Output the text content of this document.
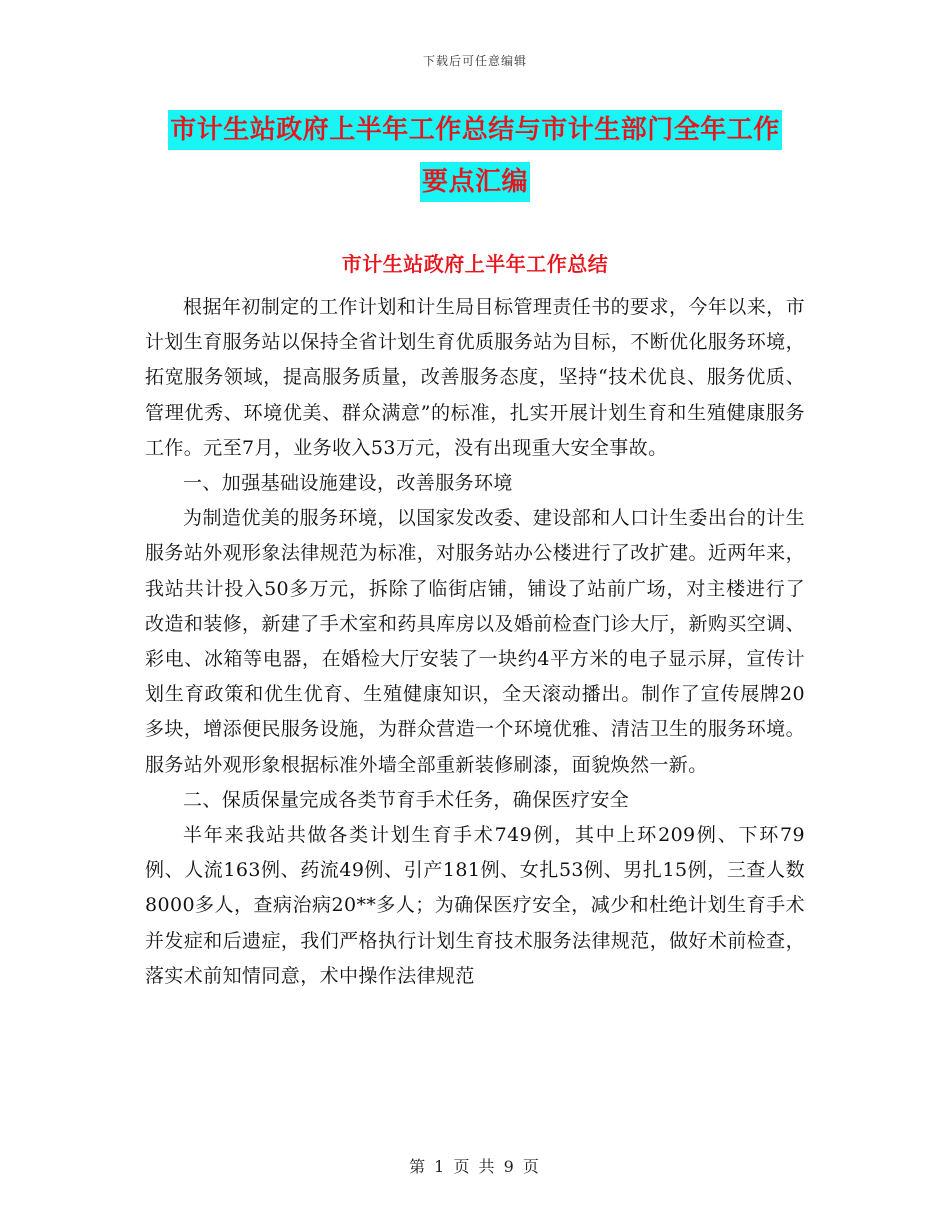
下载后可任意编辑
市计生站政府上半年工作总结与市计生部门全年工作
要点汇编
市计生站政府上半年工作总结

根据年初制定的工作计划和计生局目标管理责任书的要求，今年以来，市计划生育服务站以保持全省计划生育优质服务站为目标，不断优化服务环境，拓宽服务领域，提高服务质量，改善服务态度，坚持“技术优良、服务优质、管理优秀、环境优美、群众满意”的标准，扎实开展计划生育和生殖健康服务工作。元至7月，业务收入53万元，没有出现重大安全事故。

一、加强基础设施建设，改善服务环境

为制造优美的服务环境，以国家发改委、建设部和人口计生委出台的计生服务站外观形象法律规范为标准，对服务站办公楼进行了改扩建。近两年来，我站共计投入50多万元，拆除了临街店铺，铺设了站前广场，对主楼进行了改造和装修，新建了手术室和药具库房以及婚前检查门诊大厅，新购买空调、彩电、冰箱等电器，在婚检大厅安装了一块约4平方米的电子显示屏，宣传计划生育政策和优生优育、生殖健康知识，全天滚动播出。制作了宣传展牌20多块，增添便民服务设施，为群众营造一个环境优雅、清洁卫生的服务环境。服务站外观形象根据标准外墙全部重新装修刷漆，面貌焕然一新。

二、保质保量完成各类节育手术任务，确保医疗安全

半年来我站共做各类计划生育手术749例，其中上环209例、下环79例、人流163例、药流49例、引产181例、女扎53例、男扎15例，三查人数8000多人，查病治病20**多人；为确保医疗安全，减少和杜绝计划生育手术并发症和后遗症，我们严格执行计划生育技术服务法律规范，做好术前检查，落实术前知情同意，术中操作法律规范

第 1 页 共 9 页
